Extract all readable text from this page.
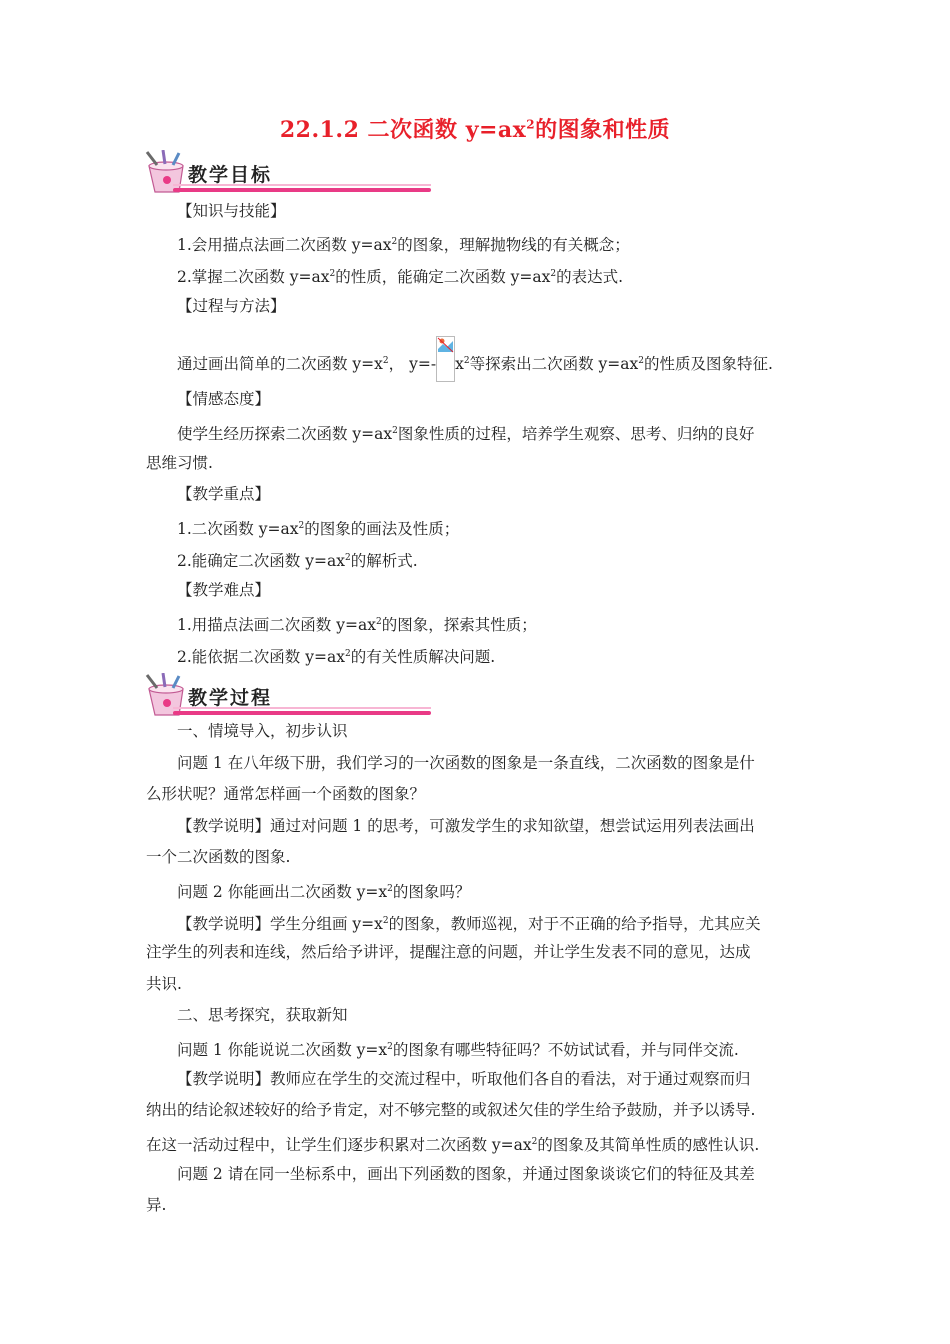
22.1.2 二次函数 $y=ax^2$的图象和性质
教学目标
【知识与技能】
1.会用描点法画二次函数 $y=ax^2$的图象，理解抛物线的有关概念；
2.掌握二次函数 $y=ax^2$的性质，能确定二次函数 $y=ax^2$的表达式.
【过程与方法】
通过画出简单的二次函数 $y=x^2$， y=- $x^2$等探索出二次函数 $y=ax^2$的性质及图象特征.
【情感态度】
使学生经历探索二次函数 $y=ax^2$图象性质的过程，培养学生观察、思考、归纳的良好
思维习惯.
【教学重点】
1.二次函数 $y=ax^2$的图象的画法及性质；
2.能确定二次函数 $y=ax^2$的解析式.
【教学难点】
1.用描点法画二次函数 $y=ax^2$的图象，探索其性质；
2.能依据二次函数 $y=ax^2$的有关性质解决问题.
教学过程
一、情境导入，初步认识
问题 1 在八年级下册，我们学习的一次函数的图象是一条直线，二次函数的图象是什
么形状呢？通常怎样画一个函数的图象？
【教学说明】通过对问题 1 的思考，可激发学生的求知欲望，想尝试运用列表法画出
一个二次函数的图象.
问题 2 你能画出二次函数 $y=x^2$的图象吗？
【教学说明】学生分组画 $y=x^2$的图象，教师巡视，对于不正确的给予指导，尤其应关
注学生的列表和连线，然后给予讲评，提醒注意的问题，并让学生发表不同的意见，达成
共识.
二、思考探究，获取新知
问题 1 你能说说二次函数 $y=x^2$的图象有哪些特征吗？不妨试试看，并与同伴交流.
【教学说明】教师应在学生的交流过程中，听取他们各自的看法，对于通过观察而归
纳出的结论叙述较好的给予肯定，对不够完整的或叙述欠佳的学生给予鼓励，并予以诱导.
在这一活动过程中，让学生们逐步积累对二次函数 $y=ax^2$的图象及其简单性质的感性认识.
问题 2 请在同一坐标系中，画出下列函数的图象，并通过图象谈谈它们的特征及其差
异.
